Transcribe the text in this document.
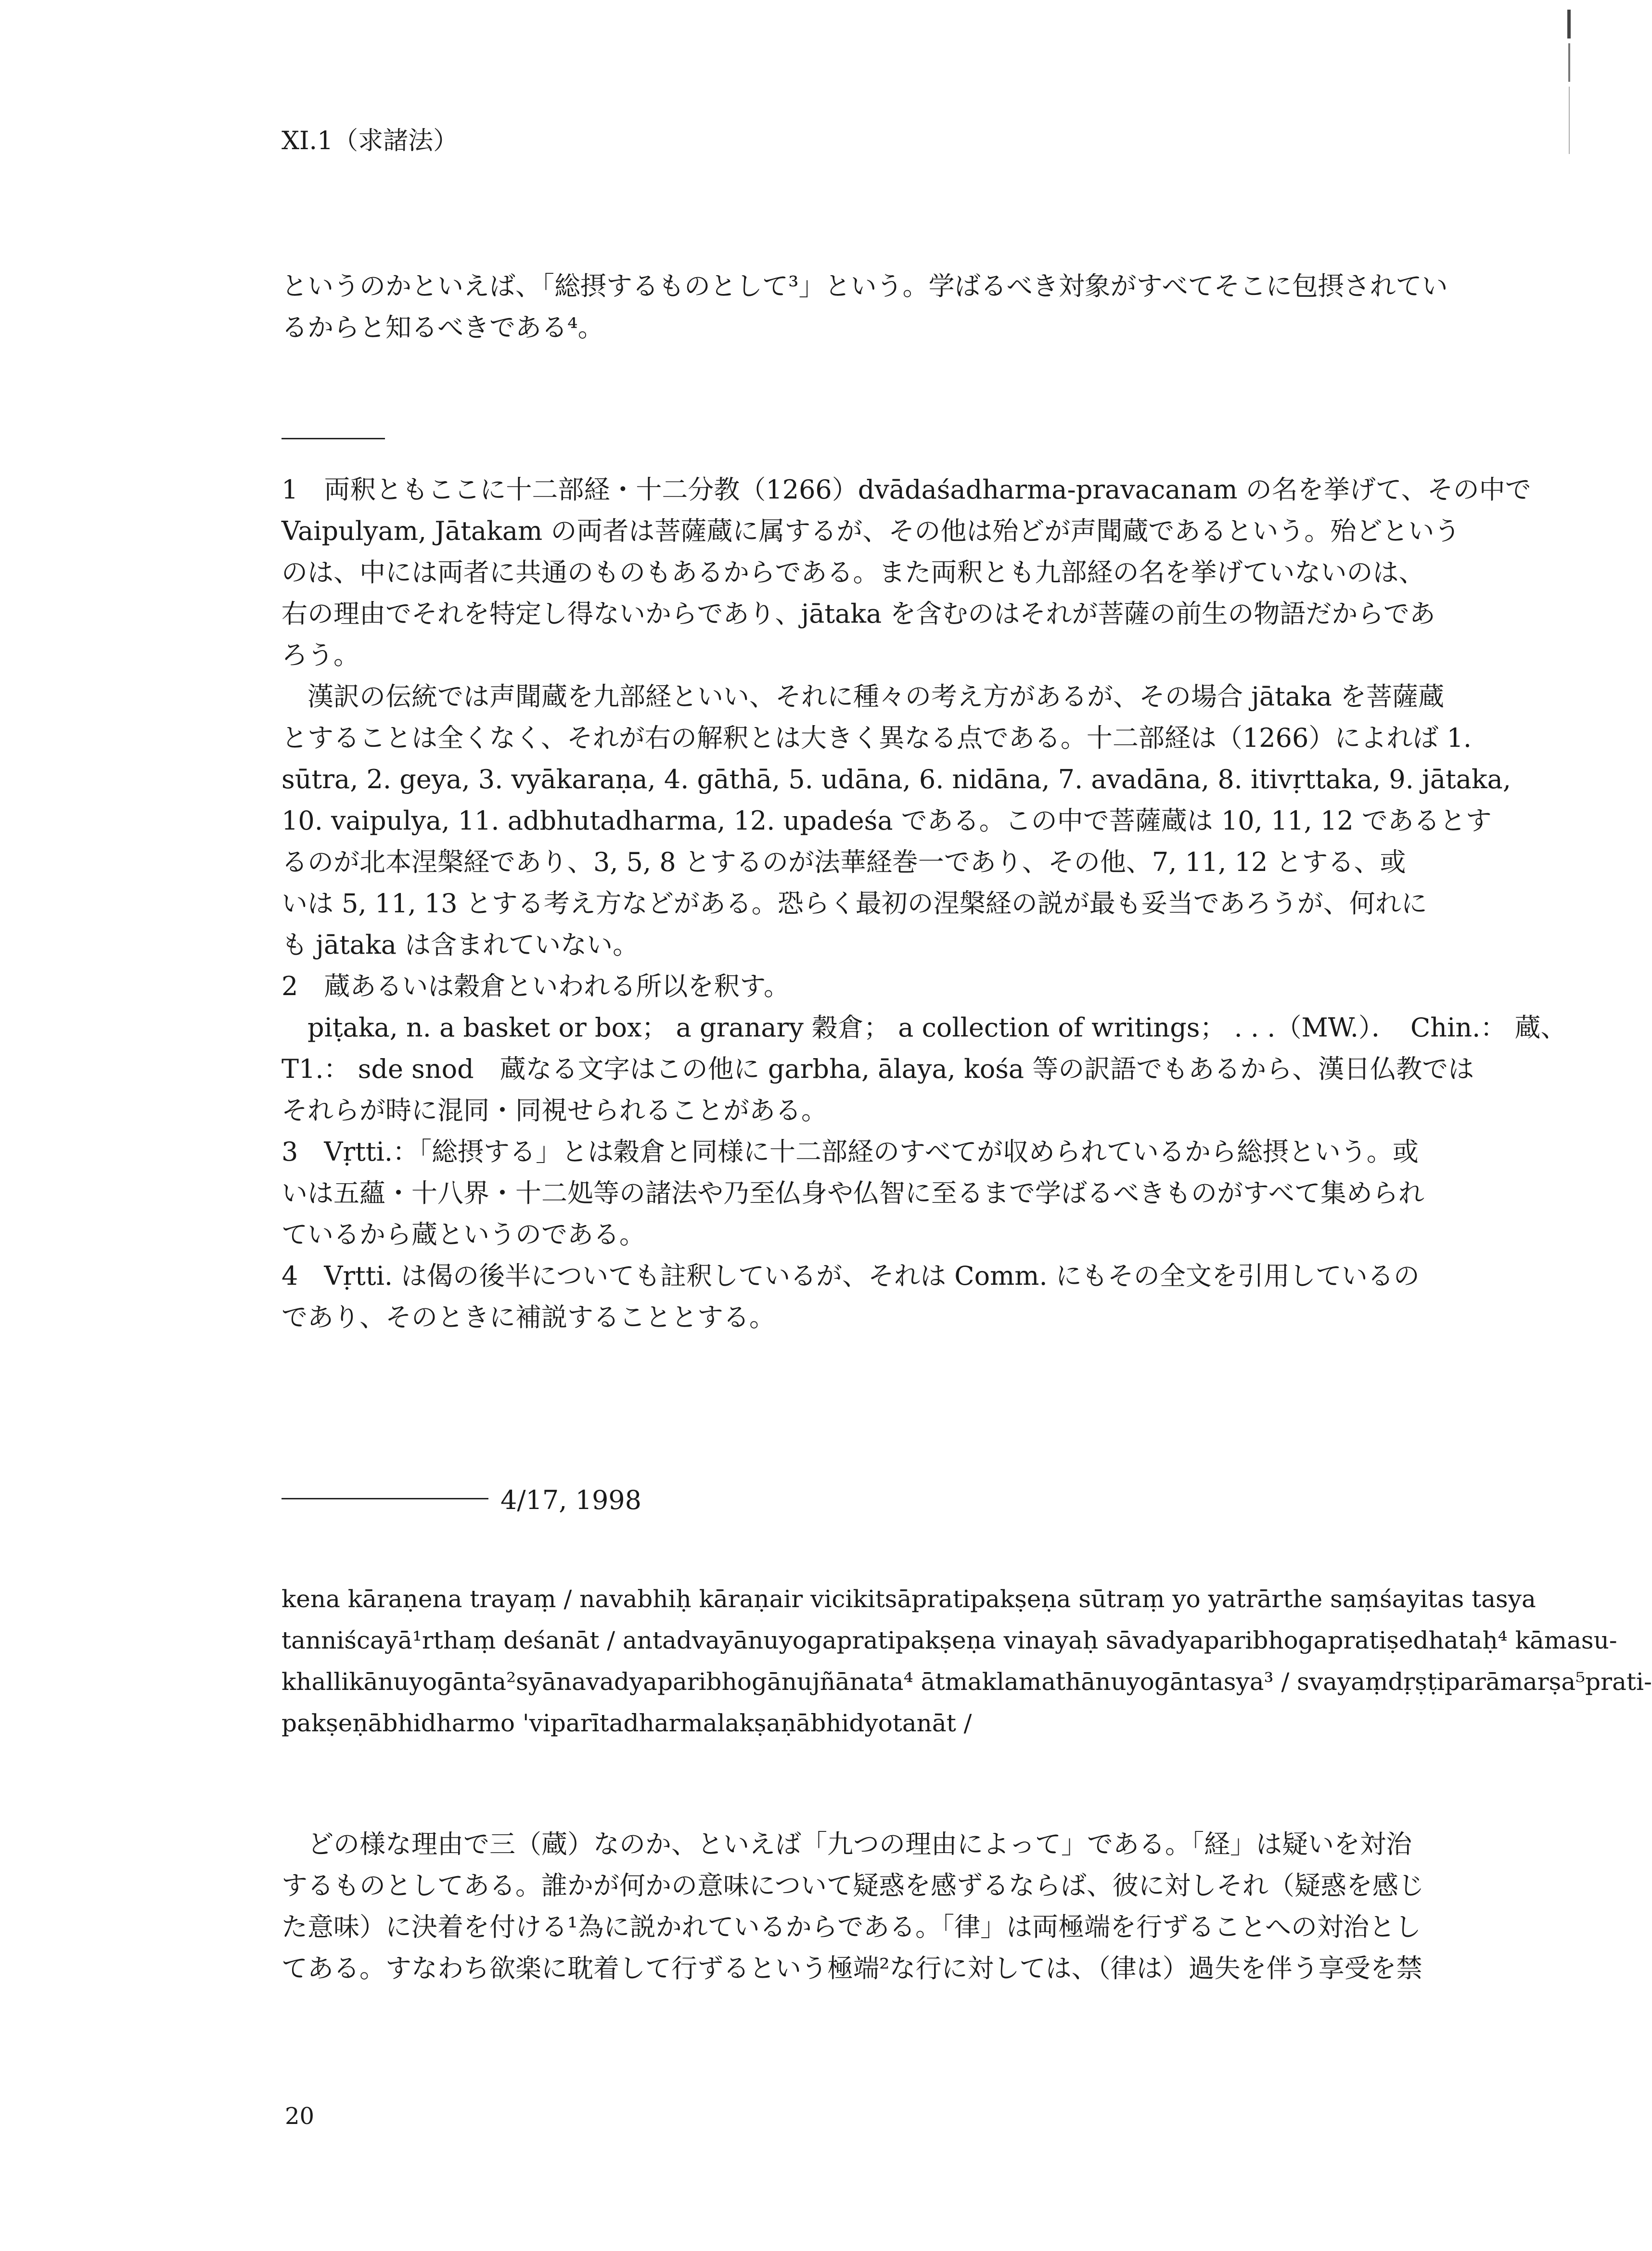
XI.1（求諸法）
というのかといえば、「総摂するものとして³」という。学ばるべき対象がすべてそこに包摂されてい
るからと知るべきである⁴。
1　両釈ともここに十二部経・十二分教（1266）dvādaśadharma-pravacanam の名を挙げて、その中で
Vaipulyam, Jātakam の両者は菩薩蔵に属するが、その他は殆どが声聞蔵であるという。殆どという
のは、中には両者に共通のものもあるからである。また両釈とも九部経の名を挙げていないのは、
右の理由でそれを特定し得ないからであり、jātaka を含むのはそれが菩薩の前生の物語だからであ
ろう。
　漢訳の伝統では声聞蔵を九部経といい、それに種々の考え方があるが、その場合 jātaka を菩薩蔵
とすることは全くなく、それが右の解釈とは大きく異なる点である。十二部経は（1266）によれば 1.
sūtra, 2. geya, 3. vyākaraṇa, 4. gāthā, 5. udāna, 6. nidāna, 7. avadāna, 8. itivṛttaka, 9. jātaka,
10. vaipulya, 11. adbhutadharma, 12. upadeśa である。この中で菩薩蔵は 10, 11, 12 であるとす
るのが北本涅槃経であり、3, 5, 8 とするのが法華経巻一であり、その他、7, 11, 12 とする、或
いは 5, 11, 13 とする考え方などがある。恐らく最初の涅槃経の説が最も妥当であろうが、何れに
も jātaka は含まれていない。
2　蔵あるいは穀倉といわれる所以を釈す。
　piṭaka, n. a basket or box； a granary 穀倉； a collection of writings； . . .（MW.）．　Chin.： 蔵、
T1.： sde snod　蔵なる文字はこの他に garbha, ālaya, kośa 等の訳語でもあるから、漢日仏教では
それらが時に混同・同視せられることがある。
3　Vṛtti.：「総摂する」とは穀倉と同様に十二部経のすべてが収められているから総摂という。或
いは五蘊・十八界・十二処等の諸法や乃至仏身や仏智に至るまで学ばるべきものがすべて集められ
ているから蔵というのである。
4　Vṛtti. は偈の後半についても註釈しているが、それは Comm. にもその全文を引用しているの
であり、そのときに補説することとする。
4/17, 1998
kena kāraṇena trayaṃ / navabhiḥ kāraṇair vicikitsāpratipakṣeṇa sūtraṃ yo yatrārthe saṃśayitas tasya
tanniścayā¹rthaṃ deśanāt / antadvayānuyogapratipakṣeṇa vinayaḥ sāvadyaparibhogapratiṣedhataḥ⁴ kāmasu-
khallikānuyogānta²syānavadyaparibhogānujñānata⁴ ātmaklamathānuyogāntasya³ / svayaṃdṛṣṭiparāmarṣa⁵prati-
pakṣeṇābhidharmo 'viparītadharmalakṣaṇābhidyotanāt /
　どの様な理由で三（蔵）なのか、といえば「九つの理由によって」である。「経」は疑いを対治
するものとしてある。誰かが何かの意味について疑惑を感ずるならば、彼に対しそれ（疑惑を感じ
た意味）に決着を付ける¹為に説かれているからである。「律」は両極端を行ずることへの対治とし
てある。すなわち欲楽に耽着して行ずるという極端²な行に対しては、（律は）過失を伴う享受を禁
20
